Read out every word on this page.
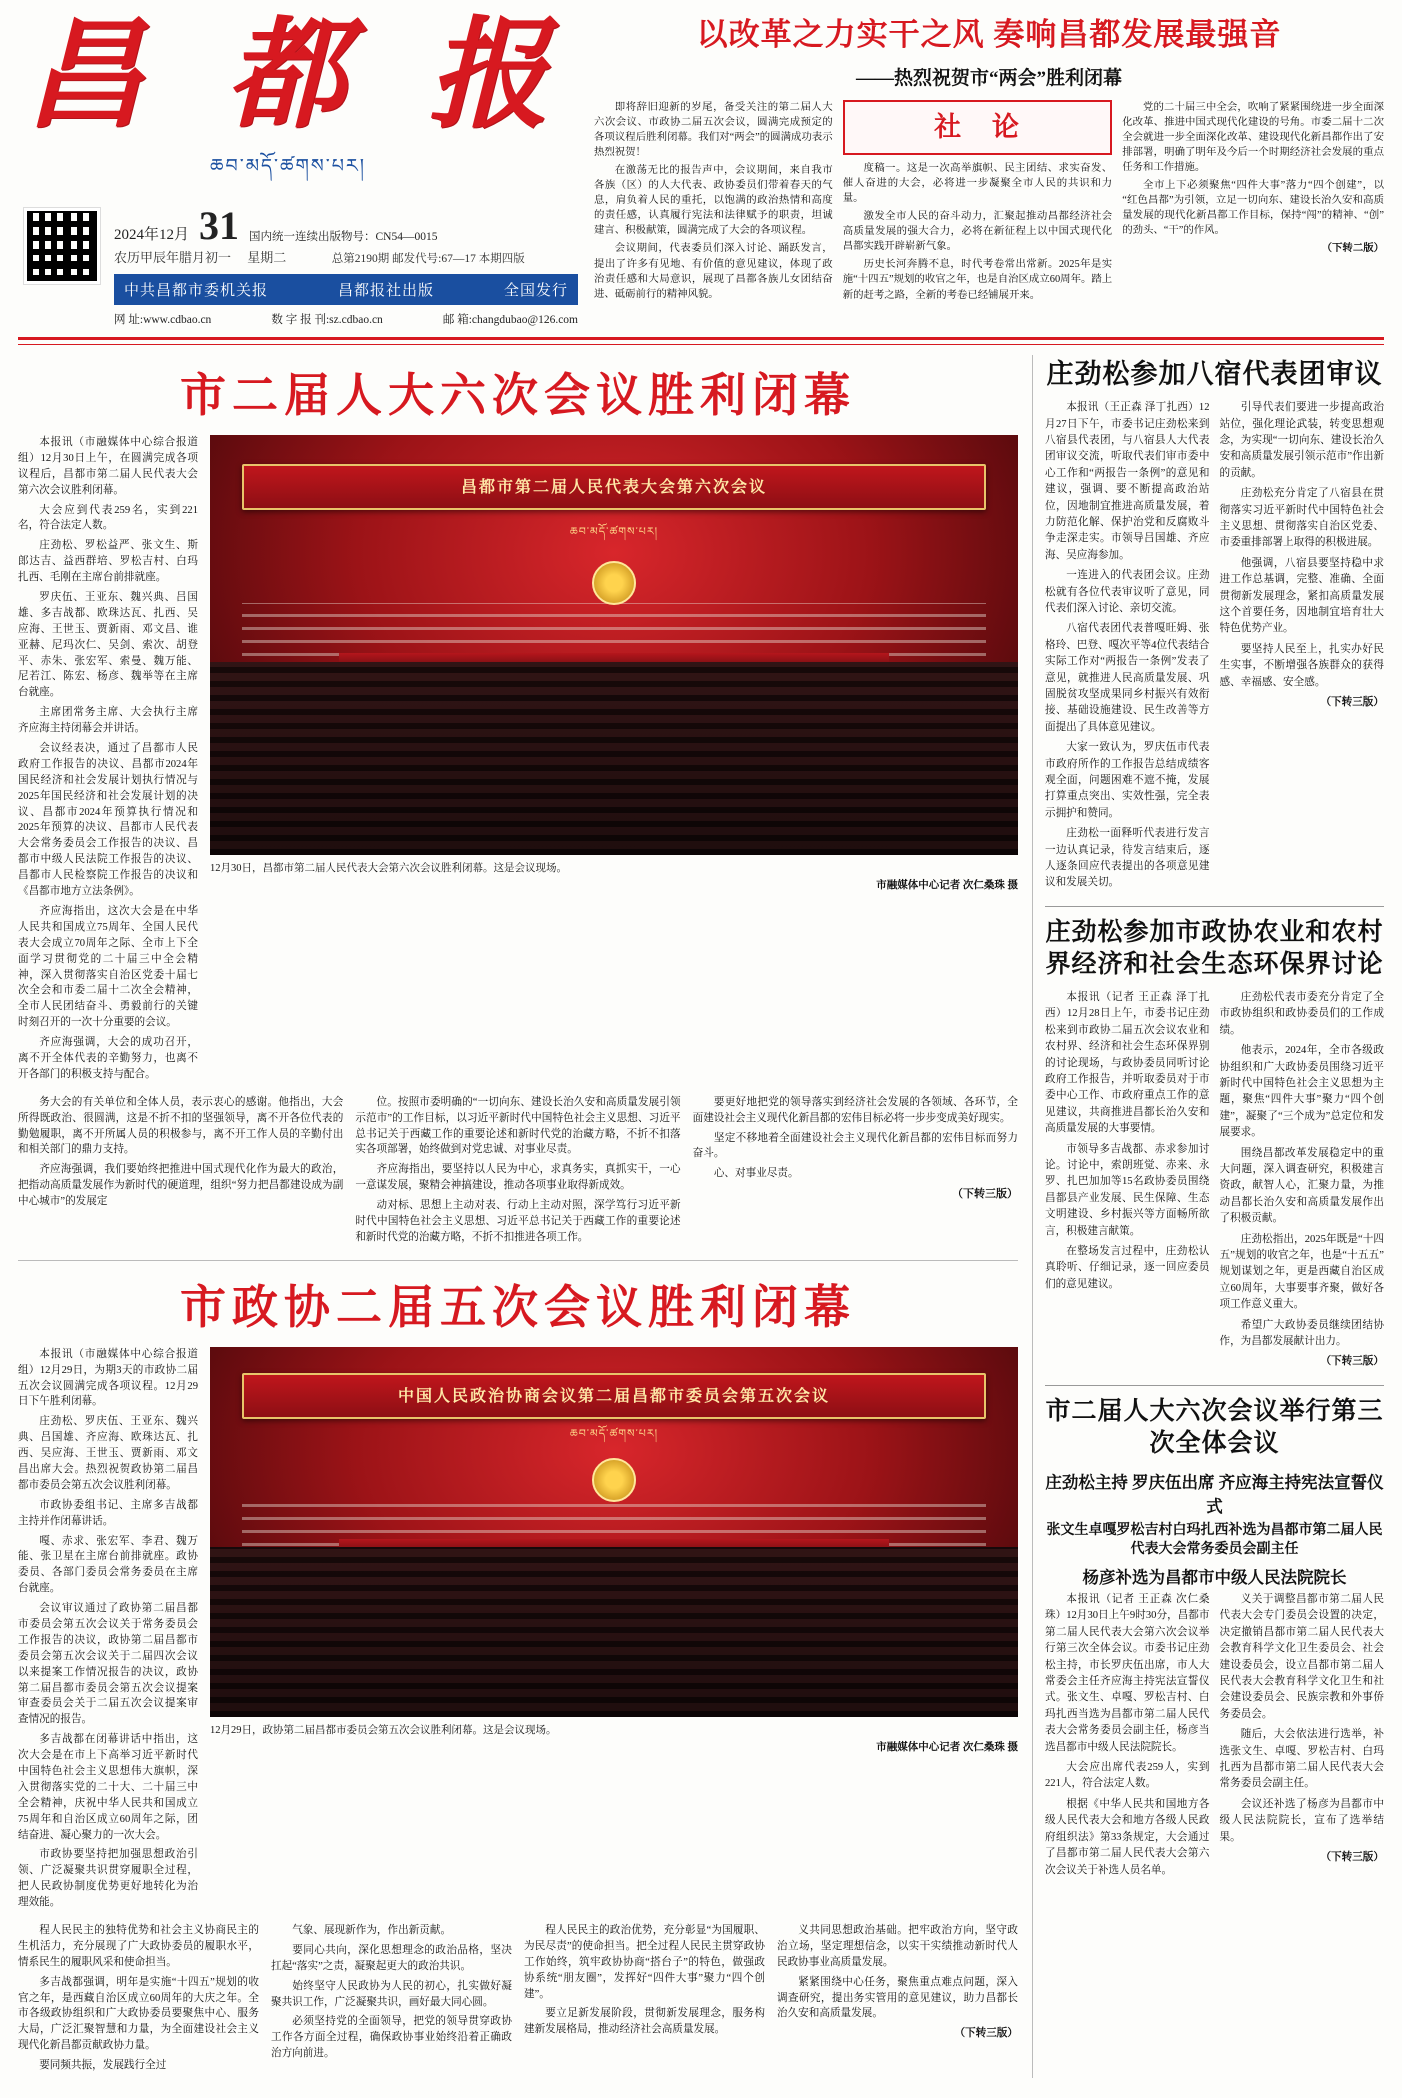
昌 都 报
ཆབ་མདོ་ཚགས་པར།
2024年12月 31 国内统一连续出版物号：CN54—0015
农历甲辰年腊月初一 星期二	总第2190期 邮发代号:67—17 本期四版
中共昌都市委机关报	昌都报社出版	全国发行
网 址:www.cdbao.cn	数 字 报 刊:sz.cdbao.cn	邮 箱:changdubao@126.com
以改革之力实干之风 奏响昌都发展最强音
——热烈祝贺市“两会”胜利闭幕

即将辞旧迎新的岁尾，备受关注的第二届人大六次会议、市政协二届五次会议，圆满完成预定的各项议程后胜利闭幕。我们对“两会”的圆满成功表示热烈祝贺！

在激荡无比的报告声中，会议期间，来自我市各族（区）的人大代表、政协委员们带着春天的气息，肩负着人民的重托，以饱满的政治热情和高度的责任感，认真履行宪法和法律赋予的职责，坦诚建言、积极献策，圆满完成了大会的各项议程。

会议期间，代表委员们深入讨论、踊跃发言，提出了许多有见地、有价值的意见建议，体现了政治责任感和大局意识，展现了昌都各族儿女团结奋进、砥砺前行的精神风貌。

社 论

度稿一。这是一次高举旗帜、民主团结、求实奋发、催人奋进的大会，必将进一步凝聚全市人民的共识和力量。

激发全市人民的奋斗动力，汇聚起推动昌都经济社会高质量发展的强大合力，必将在新征程上以中国式现代化昌都实践开辟崭新气象。

历史长河奔腾不息，时代考卷常出常新。2025年是实施“十四五”规划的收官之年，也是自治区成立60周年。踏上新的赶考之路，全新的考卷已经铺展开来。

党的二十届三中全会，吹响了紧紧围绕进一步全面深化改革、推进中国式现代化建设的号角。市委二届十二次全会就进一步全面深化改革、建设现代化新昌都作出了安排部署，明确了明年及今后一个时期经济社会发展的重点任务和工作措施。

全市上下必须聚焦“四件大事”落力“四个创建”，以“红色昌都”为引领，立足一切向东、建设长治久安和高质量发展的现代化新昌都工作目标，保持“闯”的精神、“创”的劲头、“干”的作风。

（下转二版）

市二届人大六次会议胜利闭幕

本报讯（市融媒体中心综合报道组）12月30日上午，在圆满完成各项议程后，昌都市第二届人民代表大会第六次会议胜利闭幕。

大会应到代表259名，实到221名，符合法定人数。

庄劲松、罗松益严、张文生、斯郎达吉、益西群培、罗松吉村、白玛扎西、毛刚在主席台前排就座。

罗庆伍、王亚东、魏兴典、吕国雄、多吉战都、欧珠达瓦、扎西、吴应海、王世玉、贾新雨、邓文昌、谁亚赫、尼玛次仁、吴剑、索次、胡登平、赤朱、张宏军、索曼、魏万能、尼若江、陈宏、杨彦、魏举等在主席台就座。

主席团常务主席、大会执行主席齐应海主持闭幕会并讲话。

会议经表决，通过了昌都市人民政府工作报告的决议、昌都市2024年国民经济和社会发展计划执行情况与2025年国民经济和社会发展计划的决议、昌都市2024年预算执行情况和2025年预算的决议、昌都市人民代表大会常务委员会工作报告的决议、昌都市中级人民法院工作报告的决议、昌都市人民检察院工作报告的决议和《昌都市地方立法条例》。

齐应海指出，这次大会是在中华人民共和国成立75周年、全国人民代表大会成立70周年之际、全市上下全面学习贯彻党的二十届三中全会精神，深入贯彻落实自治区党委十届七次全会和市委二届十二次全会精神，全市人民团结奋斗、勇毅前行的关键时刻召开的一次十分重要的会议。

齐应海强调，大会的成功召开，离不开全体代表的辛勤努力，也离不开各部门的积极支持与配合。

昌都市第二届人民代表大会第六次会议
ཆབ་མདོ་ཚགས་པར།
12月30日，昌都市第二届人民代表大会第六次会议胜利闭幕。这是会议现场。
市融媒体中心记者 次仁桑珠 摄

务大会的有关单位和全体人员，表示衷心的感谢。他指出，大会所得既政治、很圆满，这是不折不扣的坚强领导，离不开各位代表的勤勉履职，离不开所属人员的积极参与，离不开工作人员的辛勤付出和相关部门的鼎力支持。

齐应海强调，我们要始终把推进中国式现代化作为最大的政治，把指动高质量发展作为新时代的硬道理，组织“努力把昌都建设成为副中心城市”的发展定

位。按照市委明确的“一切向东、建设长治久安和高质量发展引领示范市”的工作目标，以习近平新时代中国特色社会主义思想、习近平总书记关于西藏工作的重要论述和新时代党的治藏方略，不折不扣落实各项部署，始终做到对党忠诚、对事业尽责。

齐应海指出，要坚持以人民为中心，求真务实，真抓实干，一心一意谋发展，聚精会神搞建设，推动各项事业取得新成效。

动对标、思想上主动对表、行动上主动对照，深学笃行习近平新时代中国特色社会主义思想、习近平总书记关于西藏工作的重要论述和新时代党的治藏方略，不折不扣推进各项工作。

要更好地把党的领导落实到经济社会发展的各领域、各环节，全面建设社会主义现代化新昌都的宏伟目标必将一步步变成美好现实。

坚定不移地着全面建设社会主义现代化新昌都的宏伟目标而努力奋斗。

心、对事业尽责。

（下转三版）
市政协二届五次会议胜利闭幕

本报讯（市融媒体中心综合报道组）12月29日，为期3天的市政协二届五次会议圆满完成各项议程。12月29日下午胜利闭幕。

庄劲松、罗庆伍、王亚东、魏兴典、吕国雄、齐应海、欧珠达瓦、扎西、吴应海、王世玉、贾新雨、邓文昌出席大会。热烈祝贺政协第二届昌都市委员会第五次会议胜利闭幕。

市政协委组书记、主席多吉战都主持并作闭幕讲话。

嘎、赤求、张宏军、李君、魏万能、张卫星在主席台前排就座。政协委员、各部门委员会常务委员在主席台就座。

会议审议通过了政协第二届昌都市委员会第五次会议关于常务委员会工作报告的决议，政协第二届昌都市委员会第五次会议关于二届四次会议以来提案工作情况报告的决议，政协第二届昌都市委员会第五次会议提案审查委员会关于二届五次会议提案审查情况的报告。

多吉战都在闭幕讲话中指出，这次大会是在市上下高举习近平新时代中国特色社会主义思想伟大旗帜，深入贯彻落实党的二十大、二十届三中全会精神，庆祝中华人民共和国成立75周年和自治区成立60周年之际，团结奋进、凝心聚力的一次大会。

市政协要坚持把加强思想政治引领、广泛凝聚共识贯穿履职全过程，把人民政协制度优势更好地转化为治理效能。

中国人民政治协商会议第二届昌都市委员会第五次会议
ཆབ་མདོ་ཚགས་པར།
12月29日，政协第二届昌都市委员会第五次会议胜利闭幕。这是会议现场。
市融媒体中心记者 次仁桑珠 摄

程人民民主的独特优势和社会主义协商民主的生机活力，充分展现了广大政协委员的履职水平，情系民生的履职风采和使命担当。

多吉战都强调，明年是实施“十四五”规划的收官之年，是西藏自治区成立60周年的大庆之年。全市各级政协组织和广大政协委员要聚焦中心、服务大局，广泛汇聚智慧和力量，为全面建设社会主义现代化新昌都贡献政协力量。

要同频共振，发展践行全过

气象、展现新作为，作出新贡献。

要同心共向，深化思想理念的政治品格，坚决扛起“落实”之责，凝聚起更大的政治共识。

始终坚守人民政协为人民的初心，扎实做好凝聚共识工作，广泛凝聚共识，画好最大同心圆。

必须坚持党的全面领导，把党的领导贯穿政协工作各方面全过程，确保政协事业始终沿着正确政治方向前进。

程人民民主的政治优势，充分彰显“为国履职、为民尽责”的使命担当。把全过程人民民主贯穿政协工作始终，筑牢政协协商“搭台子”的特色，做强政协系统“朋友圈”，发挥好“四件大事”聚力“四个创建”。

要立足新发展阶段，贯彻新发展理念，服务构建新发展格局，推动经济社会高质量发展。

义共同思想政治基础。把牢政治方向，坚守政治立场，坚定理想信念，以实干实绩推动新时代人民政协事业高质量发展。

紧紧围绕中心任务，聚焦重点难点问题，深入调查研究，提出务实管用的意见建议，助力昌都长治久安和高质量发展。

（下转三版）

庄劲松参加八宿代表团审议

本报讯（王正森 泽丁扎西）12月27日下午，市委书记庄劲松来到八宿县代表团，与八宿县人大代表团审议交流，听取代表们审市委中心工作和“两报告一条例”的意见和建议，强调、要不断提高政治站位，因地制宜推进高质量发展，着力防范化解、保护治党和反腐败斗争走深走实。市领导吕国雄、齐应海、吴应海参加。

一连进入的代表团会议。庄劲松就有各位代表审议听了意见，同代表们深入讨论、亲切交流。

八宿代表团代表普嘎旺姆、张格玲、巴登、嘎次平等4位代表结合实际工作对“两报告一条例”发表了意见，就推进人民高质量发展、巩固脱贫攻坚成果同乡村振兴有效衔接、基础设施建设、民生改善等方面提出了具体意见建议。

大家一致认为，罗庆伍市代表市政府所作的工作报告总结成绩客观全面，问题困难不遮不掩，发展打算重点突出、实效性强，完全表示拥护和赞同。

庄劲松一面释听代表进行发言一边认真记录，待发言结束后，逐人逐条回应代表提出的各项意见建议和发展关切。

引导代表们要进一步提高政治站位，强化理论武装，转变思想观念，为实现“一切向东、建设长治久安和高质量发展引领示范市”作出新的贡献。

庄劲松充分肯定了八宿县在贯彻落实习近平新时代中国特色社会主义思想、贯彻落实自治区党委、市委重排部署上取得的积极进展。

他强调，八宿县要坚持稳中求进工作总基调，完整、准确、全面贯彻新发展理念，紧扣高质量发展这个首要任务，因地制宜培育壮大特色优势产业。

要坚持人民至上，扎实办好民生实事，不断增强各族群众的获得感、幸福感、安全感。

（下转三版）

庄劲松参加市政协农业和农村界经济和社会生态环保界讨论

本报讯（记者 王正森 泽丁扎西）12月28日上午，市委书记庄劲松来到市政协二届五次会议农业和农村界、经济和社会生态环保界别的讨论现场，与政协委员同听讨论政府工作报告，并听取委员对于市委中心工作、市政府重点工作的意见建议，共商推进昌都长治久安和高质量发展的大事要情。

市领导多吉战都、赤求参加讨论。讨论中，索朗班觉、赤来、永罗、扎巴加加等15名政协委员围绕昌都县产业发展、民生保障、生态文明建设、乡村振兴等方面畅所欲言，积极建言献策。

在整场发言过程中，庄劲松认真聆听、仔细记录，逐一回应委员们的意见建议。

庄劲松代表市委充分肯定了全市政协组织和政协委员们的工作成绩。

他表示，2024年，全市各级政协组织和广大政协委员围绕习近平新时代中国特色社会主义思想为主题，聚焦“四件大事”聚力“四个创建”，凝聚了“三个成为”总定位和发展要求。

围绕昌都改革发展稳定中的重大问题，深入调查研究，积极建言资政，献智人心，汇聚力量，为推动昌都长治久安和高质量发展作出了积极贡献。

庄劲松指出，2025年既是“十四五”规划的收官之年，也是“十五五”规划谋划之年，更是西藏自治区成立60周年，大事要事齐聚，做好各项工作意义重大。

希望广大政协委员继续团结协作，为昌都发展献计出力。

（下转三版）

市二届人大六次会议举行第三次全体会议
庄劲松主持 罗庆伍出席 齐应海主持宪法宣誓仪式
张文生卓嘎罗松吉村白玛扎西补选为昌都市第二届人民代表大会常务委员会副主任
杨彦补选为昌都市中级人民法院院长

本报讯（记者 王正森 次仁桑珠）12月30日上午9时30分，昌都市第二届人民代表大会第六次会议举行第三次全体会议。市委书记庄劲松主持，市长罗庆伍出席，市人大常委会主任齐应海主持宪法宣誓仪式。张文生、卓嘎、罗松吉村、白玛扎西当选为昌都市第二届人民代表大会常务委员会副主任，杨彦当选昌都市中级人民法院院长。

大会应出席代表259人，实到221人，符合法定人数。

根据《中华人民共和国地方各级人民代表大会和地方各级人民政府组织法》第33条规定，大会通过了昌都市第二届人民代表大会第六次会议关于补选人员名单。

义关于调整昌都市第二届人民代表大会专门委员会设置的决定，决定撤销昌都市第二届人民代表大会教育科学文化卫生委员会、社会建设委员会，设立昌都市第二届人民代表大会教育科学文化卫生和社会建设委员会、民族宗教和外事侨务委员会。

随后，大会依法进行选举，补选张文生、卓嘎、罗松吉村、白玛扎西为昌都市第二届人民代表大会常务委员会副主任。

会议还补选了杨彦为昌都市中级人民法院院长，宣布了选举结果。

（下转三版）
